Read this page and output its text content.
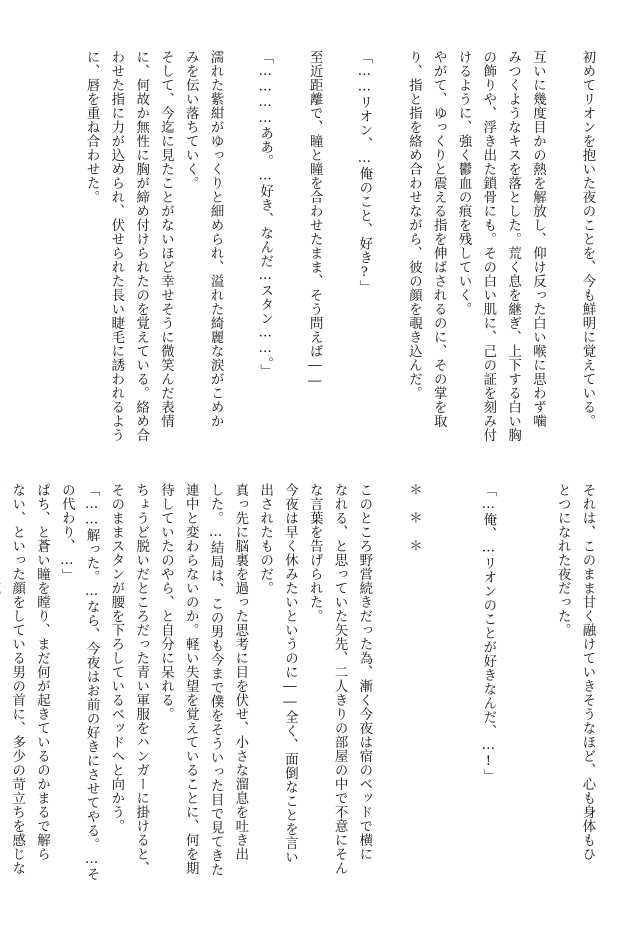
初めてリオンを抱いた夜のことを、今も鮮明に覚えている。
互いに幾度目かの熱を解放し、仰け反った白い喉に思わず噛
みつくようなキスを落とした。荒く息を継ぎ、上下する白い胸
の飾りや、浮き出た鎖骨にも。その白い肌に、己の証を刻み付
けるように、強く鬱血の痕を残していく。
やがて、ゆっくりと震える指を伸ばされるのに、その掌を取
り、指と指を絡め合わせながら、彼の顔を覗き込んだ。
「……リオン、…俺のこと、好き?」
至近距離で、瞳と瞳を合わせたまま、そう問えば――
「…………ああ。…好き、なんだ…スタン……。」
濡れた紫紺がゆっくりと細められ、溢れた綺麗な涙がこめか
みを伝い落ちていく。
そして、今迄に見たことがないほど幸せそうに微笑んだ表情
に、何故か無性に胸が締め付けられたのを覚えている。絡め合
わせた指に力が込められ、伏せられた長い睫毛に誘われるよう
に、唇を重ね合わせた。
それは、このまま甘く融けていきそうなほど、心も身体もひ
とつになれた夜だった。
「…俺、…リオンのことが好きなんだ、…!」
＊　＊　＊
このところ野営続きだった為、漸く今夜は宿のベッドで横に
なれる、と思っていた矢先、二人きりの部屋の中で不意にそん
な言葉を告げられた。
今夜は早く休みたいというのに――全く、面倒なことを言い
出されたものだ。
真っ先に脳裏を過った思考に目を伏せ、小さな溜息を吐き出
した。…結局は、この男も今まで僕をそういった目で見てきた
連中と変わらないのか。軽い失望を覚えていることに、何を期
待していたのやら、と自分に呆れる。
ちょうど脱いだところだった青い軍服をハンガーに掛けると、
そのままスタンが腰を下ろしているベッドへと向かう。
「……解った。…なら、今夜はお前の好きにさせてやる。…そ
の代わり、…」
ぱち、と蒼い瞳を瞠り、まだ何が起きているのかまるで解ら
ない、といった顔をしている男の首に、多少の苛立ちを感じな
